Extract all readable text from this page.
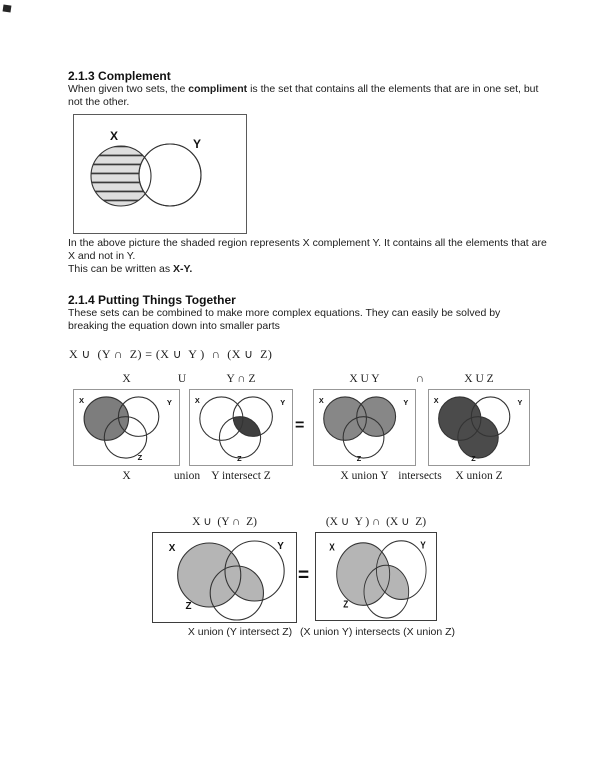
2.1.3 Complement

When given two sets, the compliment is the set that contains all the elements that are in one set, but not the other.

X
Y

In the above picture the shaded region represents X complement Y. It contains all the elements that are X and not in Y.

This can be written as X-Y.

2.1.4 Putting Things Together

These sets can be combined to make more complex equations. They can easily be solved by breaking the equation down into smaller parts

X ∪  (Y ∩  Z) = (X ∪  Y )  ∩  (X ∪  Z)
X	U	Y ∩ Z	X U Y	∩	X U Z
X	Y
Z
X	Y
Z
=
X	Y
Z
X	Y
Z
X	union Y intersect Z	X union Y intersects	X union Z
X ∪  (Y ∩  Z)	(X ∪  Y ) ∩  (X ∪  Z)
X	Y
Z
=
X	Y
Z
X union (Y intersect Z) (X union Y) intersects (X union Z)
